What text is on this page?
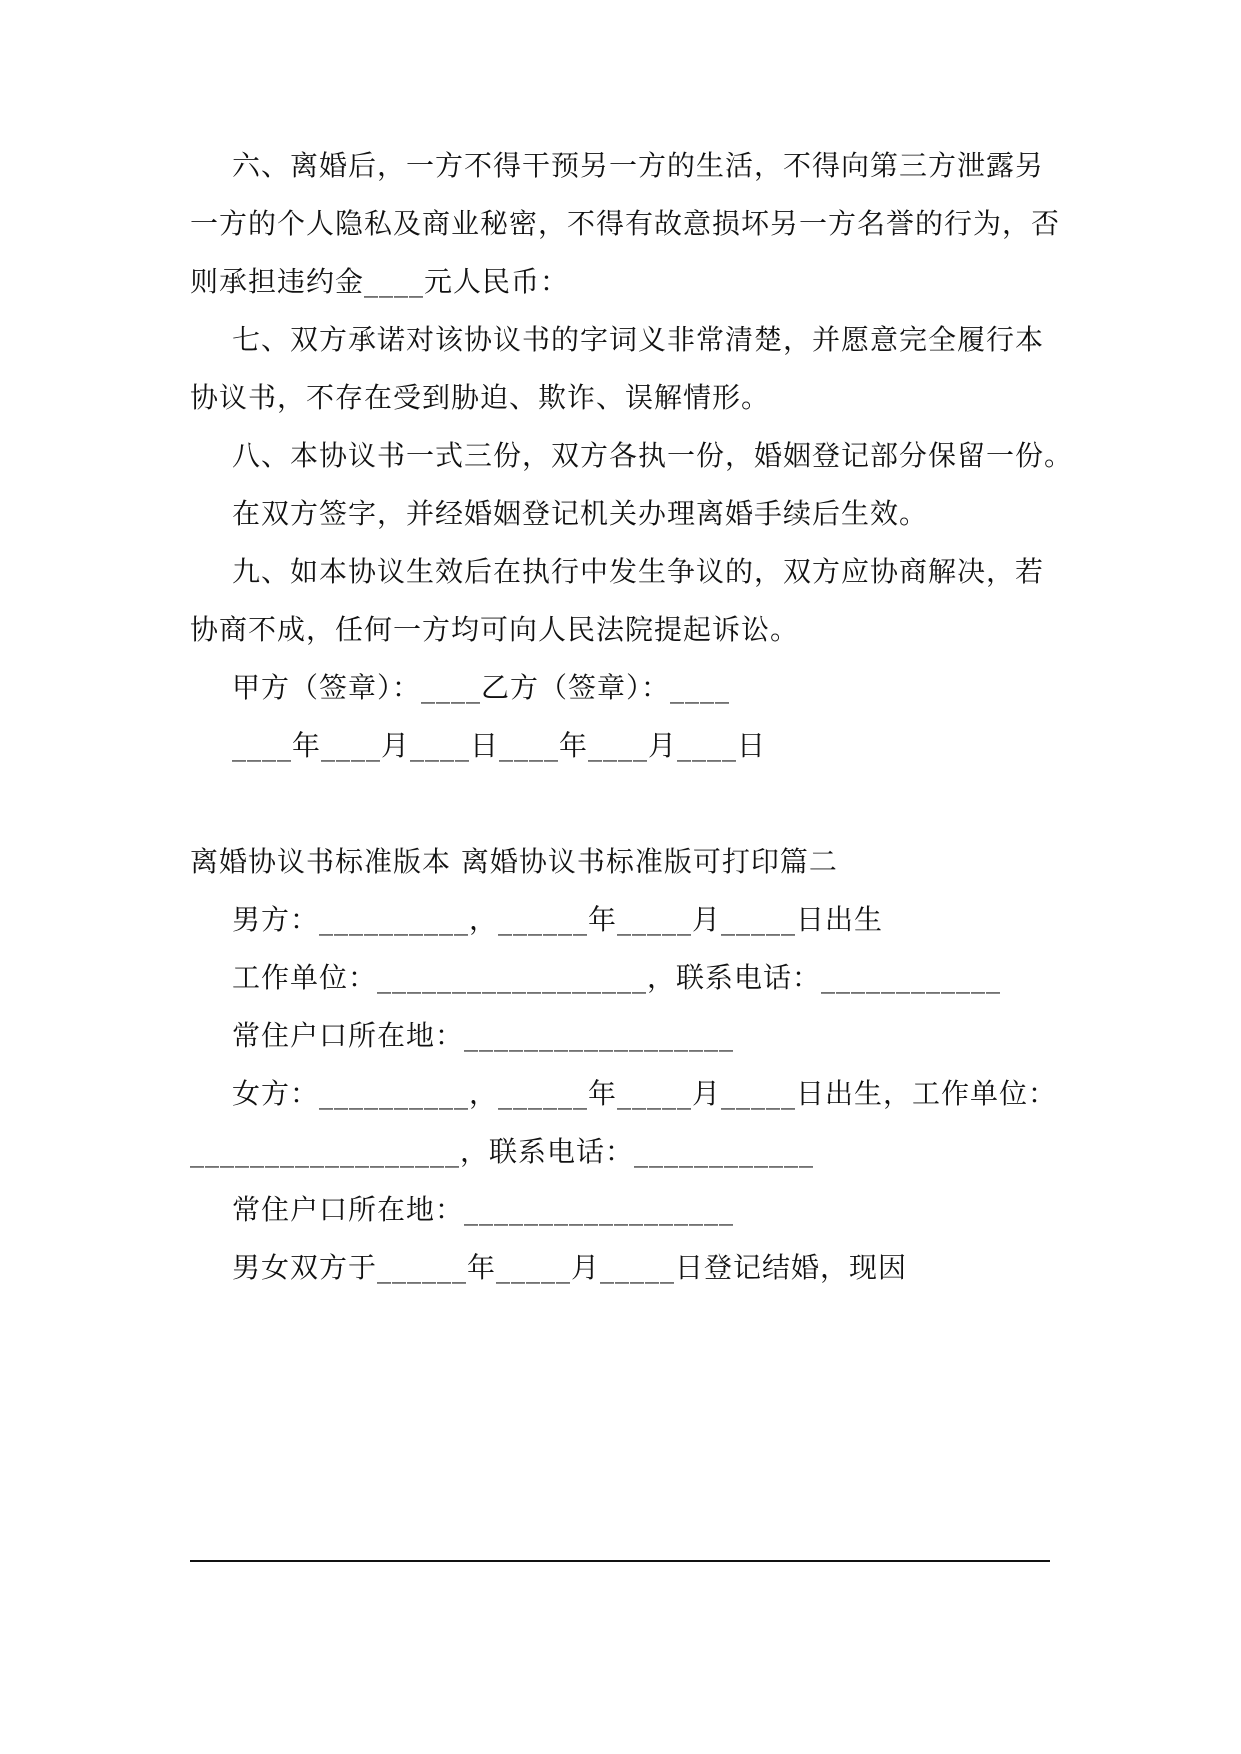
六、离婚后，一方不得干预另一方的生活，不得向第三方泄露另
一方的个人隐私及商业秘密，不得有故意损坏另一方名誉的行为，否
则承担违约金____元人民币：
七、双方承诺对该协议书的字词义非常清楚，并愿意完全履行本
协议书，不存在受到胁迫、欺诈、误解情形。
八、本协议书一式三份，双方各执一份，婚姻登记部分保留一份。
在双方签字，并经婚姻登记机关办理离婚手续后生效。
九、如本协议生效后在执行中发生争议的，双方应协商解决，若
协商不成，任何一方均可向人民法院提起诉讼。
甲方（签章）：____乙方（签章）：____
____年____月____日____年____月____日
离婚协议书标准版本 离婚协议书标准版可打印篇二
男方：__________，______年_____月_____日出生
工作单位：__________________，联系电话：____________
常住户口所在地：__________________
女方：__________，______年_____月_____日出生，工作单位：
__________________，联系电话：____________
常住户口所在地：__________________
男女双方于______年_____月_____日登记结婚，现因
